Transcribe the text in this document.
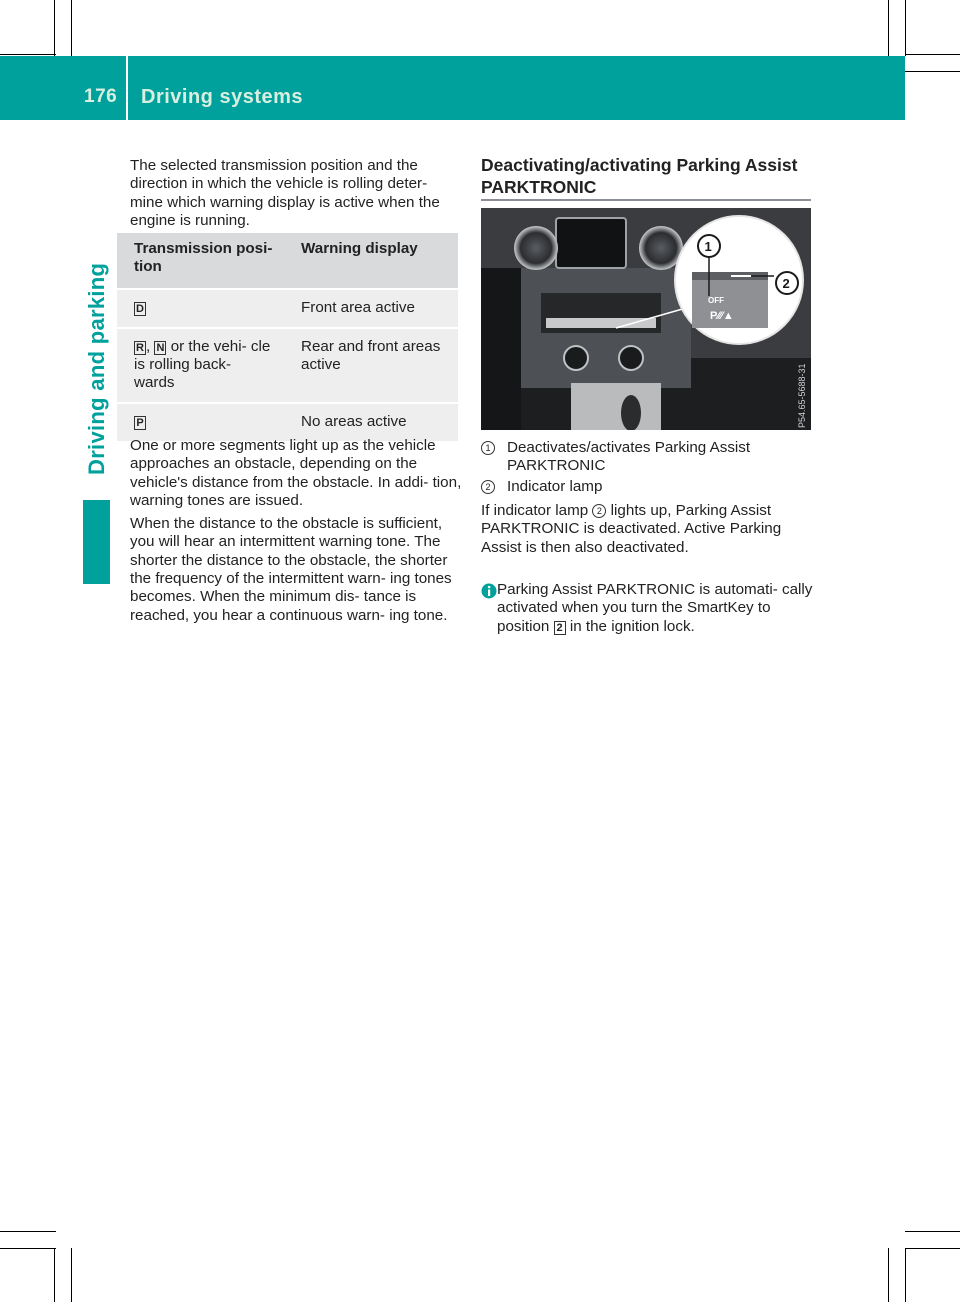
176 Driving systems
Driving and parking

The selected transmission position and the direction in which the vehicle is rolling deter- mine which warning display is active when the engine is running.

Transmission posi- tion	Warning display
D	Front area active
R , N or the vehi- cle is rolling back- wards	Rear and front areas active
P	No areas active

One or more segments light up as the vehicle approaches an obstacle, depending on the vehicle's distance from the obstacle. In addi- tion, warning tones are issued.

When the distance to the obstacle is sufficient, you will hear an intermittent warning tone. The shorter the distance to the obstacle, the shorter the frequency of the intermittent warn- ing tones becomes. When the minimum dis- tance is reached, you hear a continuous warn- ing tone.

Deactivating/activating Parking Assist PARKTRONIC
OFF
P⁄⁄⁄▲
1
2
P54.65-5688-31
1 Deactivates/activates Parking Assist PARKTRONIC
2 Indicator lamp
If indicator lamp 2 lights up, Parking Assist PARKTRONIC is deactivated. Active Parking Assist is then also deactivated.
Parking Assist PARKTRONIC is automati- cally activated when you turn the SmartKey to position 2 in the ignition lock.
